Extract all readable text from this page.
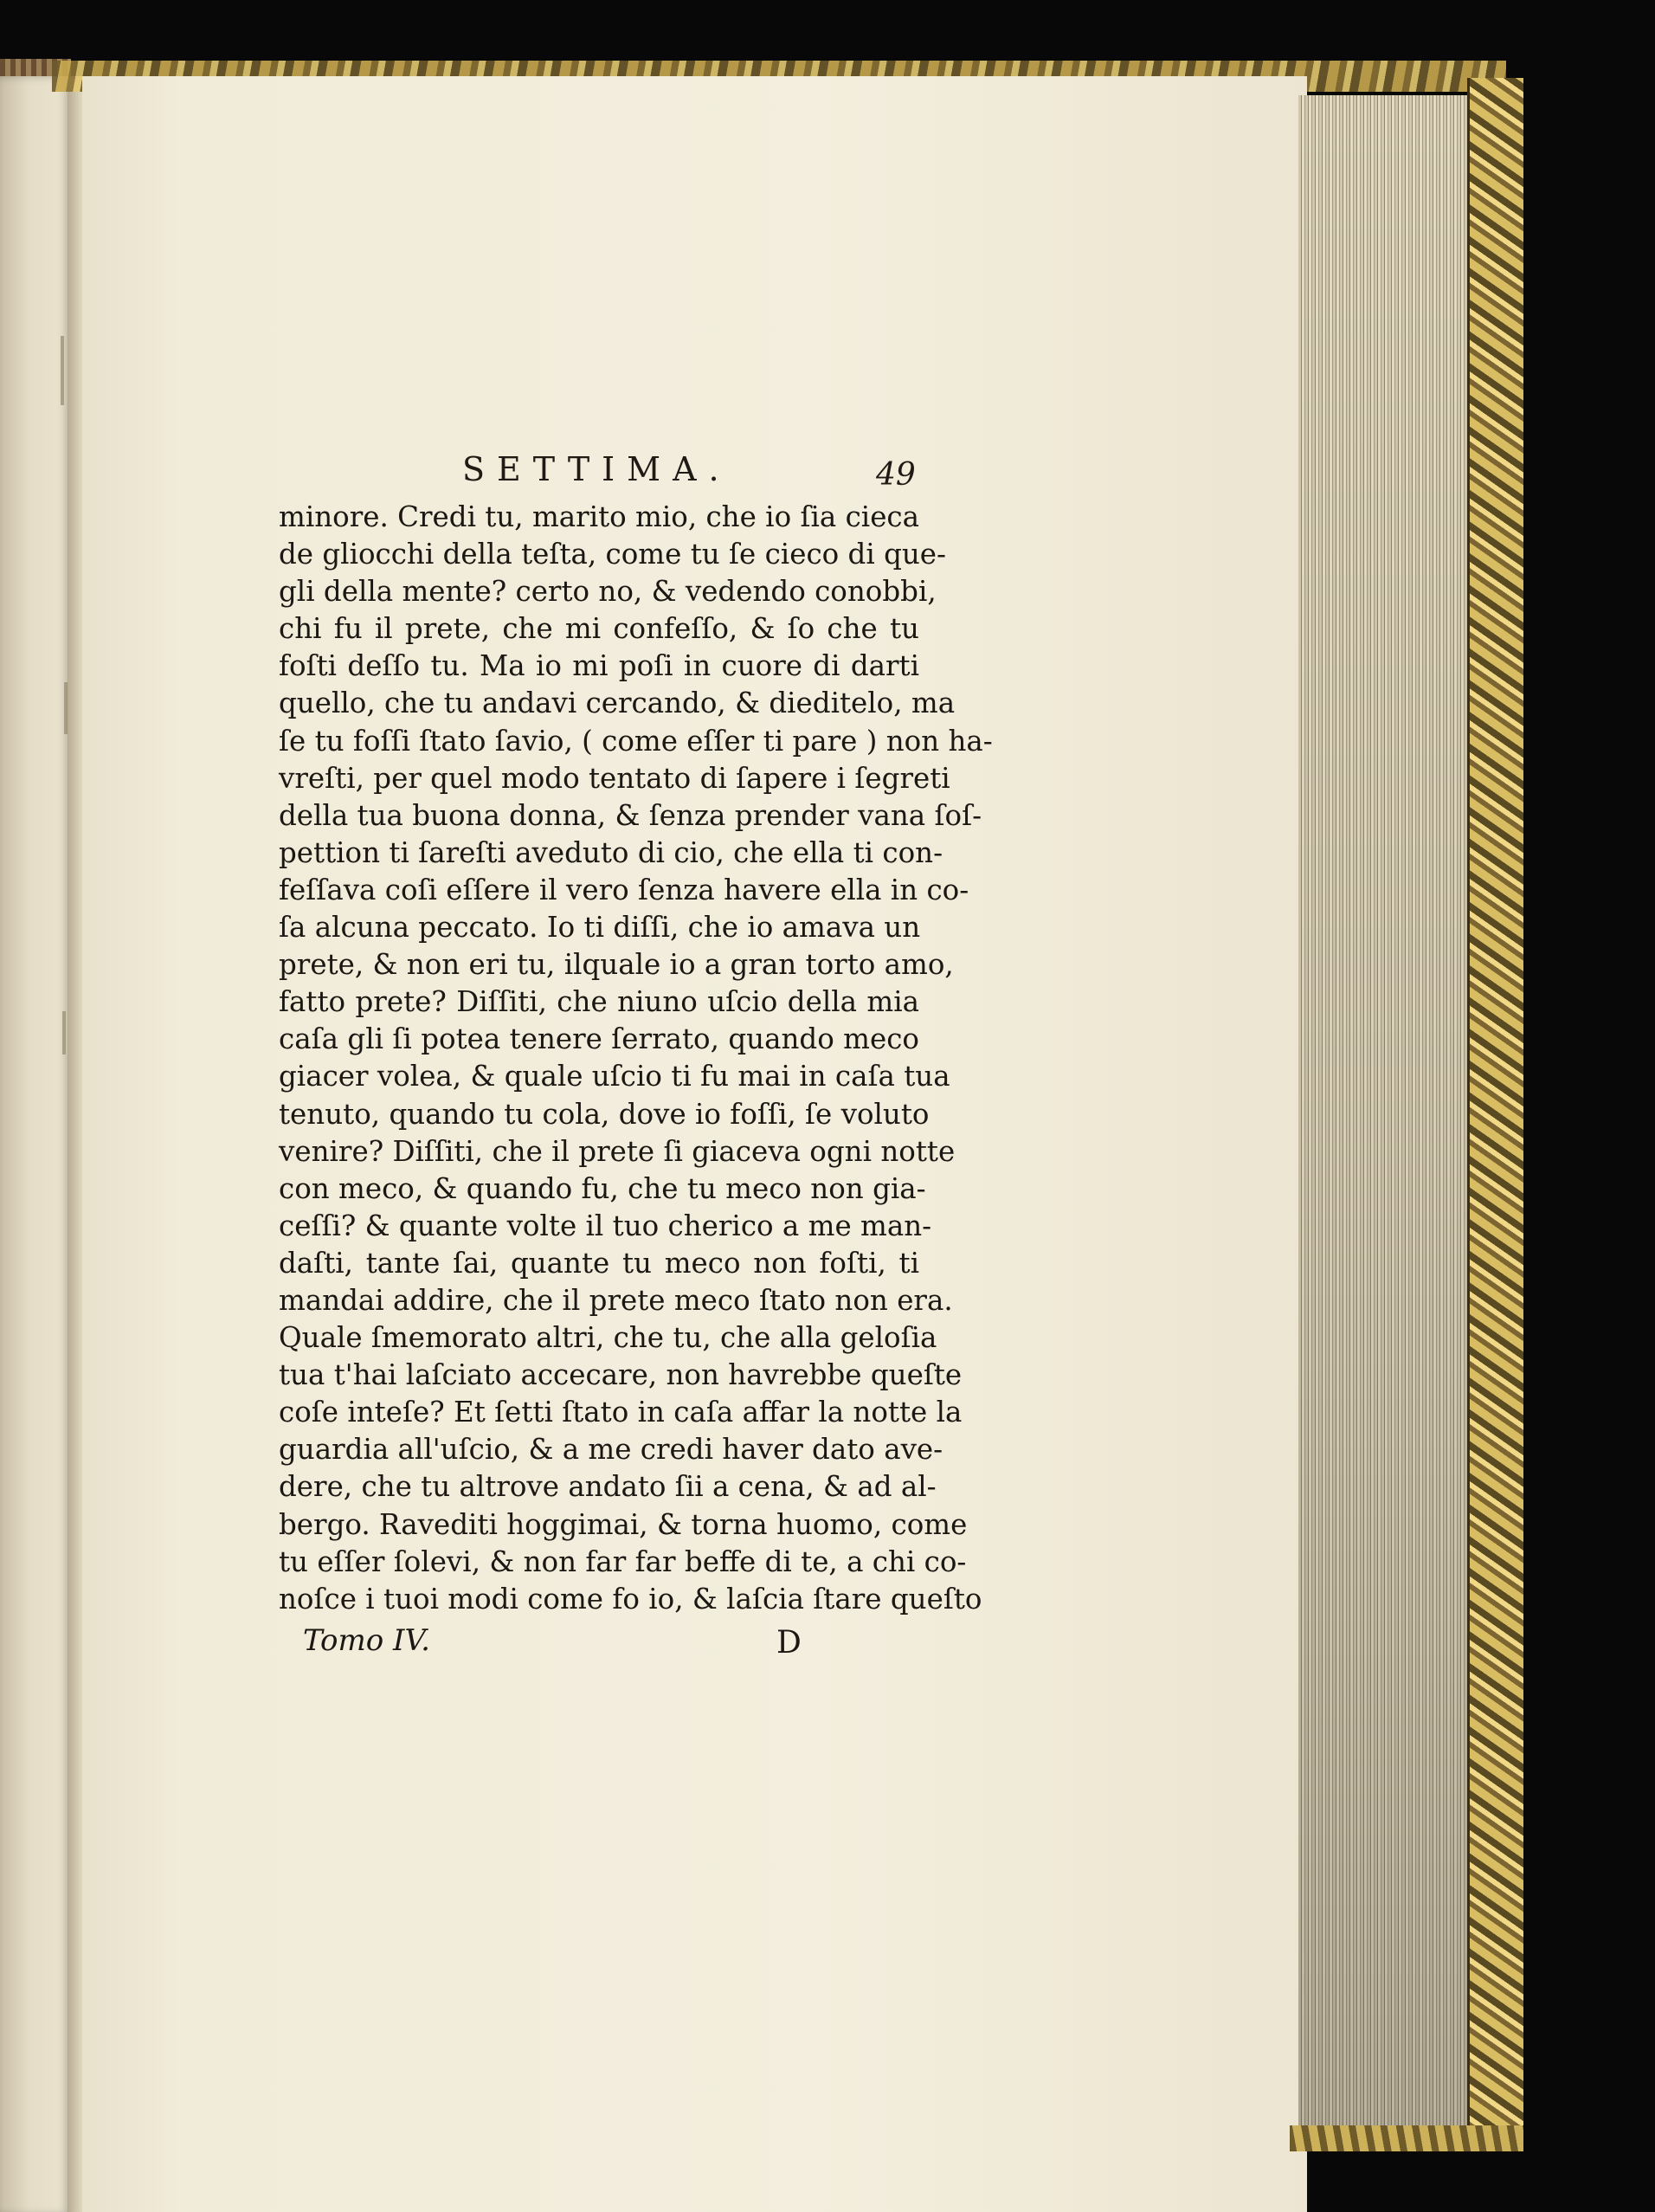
SETTIMA.	49
minore. Credi tu, marito mio, che io ſia cieca
de gliocchi della teſta, come tu ſe cieco di que-
gli della mente? certo no, & vedendo conobbi,
chi fu il prete, che mi confeſſo, & ſo che tu
foſti deſſo tu. Ma io mi poſi in cuore di darti
quello, che tu andavi cercando, & dieditelo, ma
ſe tu foſſi ſtato ſavio, ( come eſſer ti pare ) non ha-
vreſti, per quel modo tentato di ſapere i ſegreti
della tua buona donna, & ſenza prender vana ſoſ-
pettion ti ſareſti aveduto di cio, che ella ti con-
feſſava coſi eſſere il vero ſenza havere ella in co-
ſa alcuna peccato. Io ti diſſi, che io amava un
prete, & non eri tu, ilquale io a gran torto amo,
fatto prete? Diſſiti, che niuno uſcio della mia
caſa gli ſi potea tenere ſerrato, quando meco
giacer volea, & quale uſcio ti fu mai in caſa tua
tenuto, quando tu cola, dove io foſſi, ſe voluto
venire? Diſſiti, che il prete ſi giaceva ogni notte
con meco, & quando fu, che tu meco non gia-
ceſſi? & quante volte il tuo cherico a me man-
daſti, tante ſai, quante tu meco non foſti, ti
mandai addire, che il prete meco ſtato non era.
Quale ſmemorato altri, che tu, che alla geloſia
tua t'hai laſciato accecare, non havrebbe queſte
coſe inteſe? Et ſetti ſtato in caſa affar la notte la
guardia all'uſcio, & a me credi haver dato ave-
dere, che tu altrove andato ſii a cena, & ad al-
bergo. Ravediti hoggimai, & torna huomo, come
tu eſſer ſolevi, & non far far beffe di te, a chi co-
noſce i tuoi modi come fo io, & laſcia ſtare queſto
Tomo IV.	D
